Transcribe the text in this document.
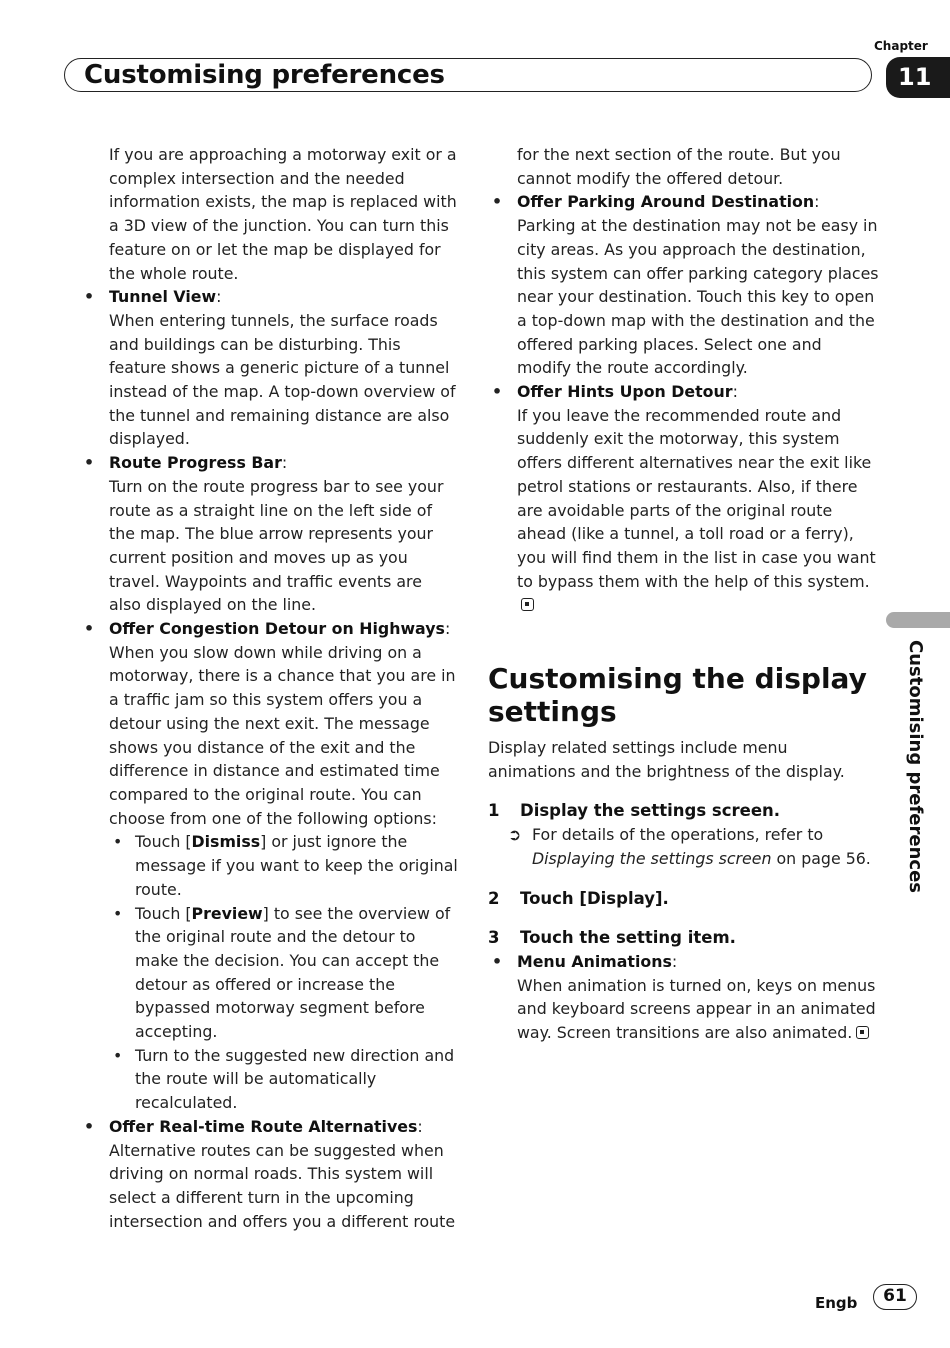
Chapter
Customising preferences	11
Customising preferences
If you are approaching a motorway exit or a complex intersection and the needed information exists, the map is replaced with a 3D view of the junction. You can turn this feature on or let the map be displayed for the whole route.
• Tunnel View:
When entering tunnels, the surface roads and buildings can be disturbing. This feature shows a generic picture of a tunnel instead of the map. A top-down overview of the tunnel and remaining distance are also displayed.
• Route Progress Bar:
Turn on the route progress bar to see your route as a straight line on the left side of the map. The blue arrow represents your current position and moves up as you travel. Waypoints and traffic events are also displayed on the line.
• Offer Congestion Detour on Highways:
When you slow down while driving on a motorway, there is a chance that you are in a traffic jam so this system offers you a detour using the next exit. The message shows you distance of the exit and the difference in distance and estimated time compared to the original route. You can choose from one of the following options:
• Touch [Dismiss] or just ignore the message if you want to keep the original route.
• Touch [Preview] to see the overview of the original route and the detour to make the decision. You can accept the detour as offered or increase the bypassed motorway segment before accepting.
• Turn to the suggested new direction and the route will be automatically recalculated.
• Offer Real-time Route Alternatives:
Alternative routes can be suggested when driving on normal roads. This system will select a different turn in the upcoming intersection and offers you a different route
for the next section of the route. But you cannot modify the offered detour.
• Offer Parking Around Destination:
Parking at the destination may not be easy in city areas. As you approach the destination, this system can offer parking category places near your destination. Touch this key to open a top-down map with the destination and the offered parking places. Select one and modify the route accordingly.
• Offer Hints Upon Detour:
If you leave the recommended route and suddenly exit the motorway, this system offers different alternatives near the exit like petrol stations or restaurants. Also, if there are avoidable parts of the original route ahead (like a tunnel, a toll road or a ferry), you will find them in the list in case you want to bypass them with the help of this system.
Customising the display settings
Display related settings include menu animations and the brightness of the display.
1 Display the settings screen.
➲ For details of the operations, refer to Displaying the settings screen on page 56.
2 Touch [Display].
3 Touch the setting item.
• Menu Animations:
When animation is turned on, keys on menus and keyboard screens appear in an animated way. Screen transitions are also animated.
Engb	61
